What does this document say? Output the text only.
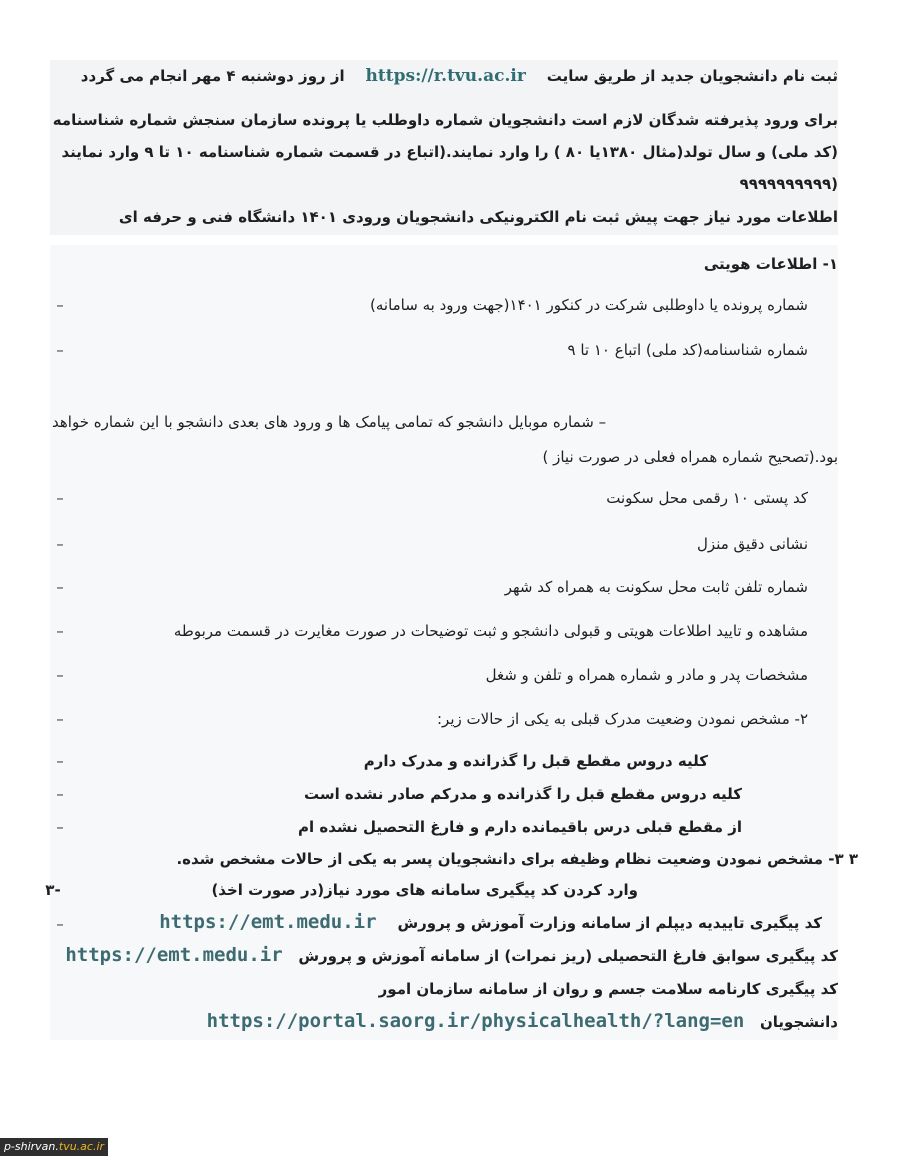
ثبت نام دانشجویان جدید از طریق سایت    https://r.tvu.ac.ir    از روز دوشنبه ۴ مهر انجام می گردد

برای ورود پذیرفته شدگان لازم است دانشجویان شماره داوطلب یا پرونده سازمان سنجش شماره شناسنامه

(کد ملی) و سال تولد(مثال ۱۳۸۰یا ۸۰ ) را وارد نمایند.(اتباع در قسمت شماره شناسنامه ۱۰ تا ۹ وارد نمایند

(۹۹۹۹۹۹۹۹۹۹

اطلاعات مورد نیاز جهت پیش ثبت نام الکترونیکی دانشجویان ورودی ۱۴۰۱ دانشگاه فنی و حرفه ای

۱- اطلاعات هویتی

شماره پرونده یا داوطلبی شرکت در کنکور ۱۴۰۱(جهت ورود به سامانه)

–

شماره شناسنامه(کد ملی) اتباع ۱۰ تا ۹

–

– شماره موبایل دانشجو که تمامی پیامک ها و ورود های بعدی دانشجو با این شماره خواهد

بود.(تصحیح شماره همراه فعلی در صورت نیاز )

کد پستی ۱۰ رقمی محل سکونت

–

نشانی دقیق منزل

–

شماره تلفن ثابت محل سکونت به همراه کد شهر

–

مشاهده و تایید اطلاعات هویتی و قبولی دانشجو و ثبت توضیحات در صورت مغایرت در قسمت مربوطه

–

مشخصات پدر و مادر و شماره همراه و تلفن و شغل

–

۲- مشخص نمودن وضعیت مدرک قبلی به یکی از حالات زیر:

–

کلیه دروس مقطع قبل را گذرانده و مدرک دارم

–

کلیه دروس مقطع قبل را گذرانده و مدرکم صادر نشده است

–

از مقطع قبلی درس باقیمانده دارم و فارغ التحصیل نشده ام

–

۳ ۳- مشخص نمودن وضعیت نظام وظیفه برای دانشجویان پسر به یکی از حالات مشخص شده.

وارد کردن کد پیگیری سامانه های مورد نیاز(در صورت اخذ)

-۳

کد پیگیری تاییدیه دیپلم از سامانه وزارت آموزش و پرورش    https://emt.medu.ir

–

کد پیگیری سوابق فارغ التحصیلی (ریز نمرات) از سامانه آموزش و پرورش   https://emt.medu.ir

کد پیگیری کارنامه سلامت جسم و روان از سامانه سازمان امور

دانشجویان   https://portal.saorg.ir/physicalhealth/?lang=en

p-shirvan.tvu.ac.ir
